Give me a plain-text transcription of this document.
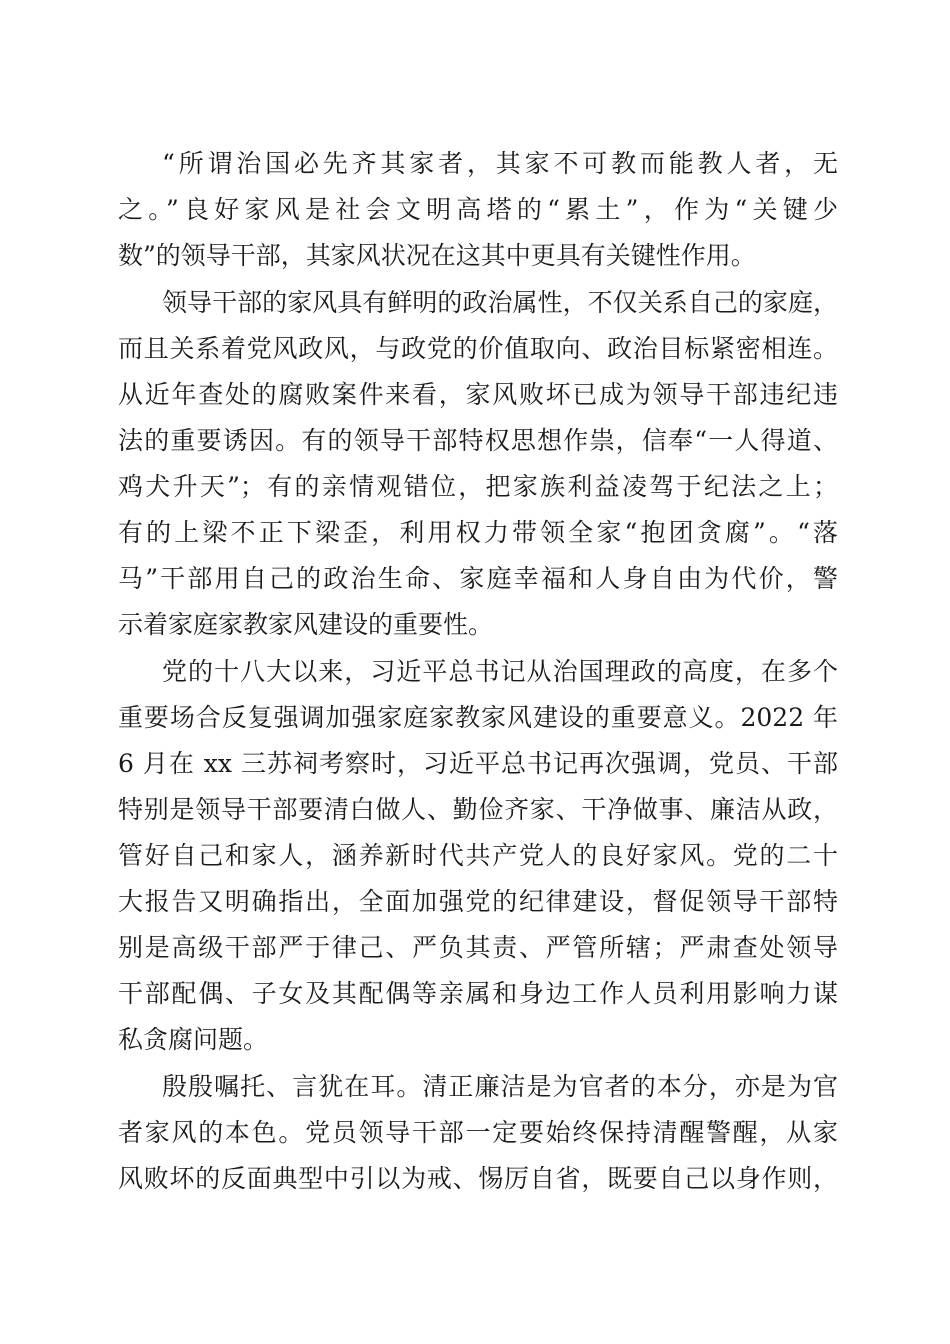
“所谓治国必先齐其家者，其家不可教而能教人者，无

之。”良好家风是社会文明高塔的“累土”，作为“关键少

数”的领导干部，其家风状况在这其中更具有关键性作用。

领导干部的家风具有鲜明的政治属性，不仅关系自己的家庭，

而且关系着党风政风，与政党的价值取向、政治目标紧密相连。

从近年查处的腐败案件来看，家风败坏已成为领导干部违纪违

法的重要诱因。有的领导干部特权思想作祟，信奉“一人得道、

鸡犬升天”；有的亲情观错位，把家族利益凌驾于纪法之上；

有的上梁不正下梁歪，利用权力带领全家“抱团贪腐”。“落

马”干部用自己的政治生命、家庭幸福和人身自由为代价，警

示着家庭家教家风建设的重要性。

党的十八大以来，习近平总书记从治国理政的高度，在多个

重要场合反复强调加强家庭家教家风建设的重要意义。2022 年

6 月在 xx 三苏祠考察时，习近平总书记再次强调，党员、干部

特别是领导干部要清白做人、勤俭齐家、干净做事、廉洁从政，

管好自己和家人，涵养新时代共产党人的良好家风。党的二十

大报告又明确指出，全面加强党的纪律建设，督促领导干部特

别是高级干部严于律己、严负其责、严管所辖；严肃查处领导

干部配偶、子女及其配偶等亲属和身边工作人员利用影响力谋

私贪腐问题。

殷殷嘱托、言犹在耳。清正廉洁是为官者的本分，亦是为官

者家风的本色。党员领导干部一定要始终保持清醒警醒，从家

风败坏的反面典型中引以为戒、惕厉自省，既要自己以身作则，
